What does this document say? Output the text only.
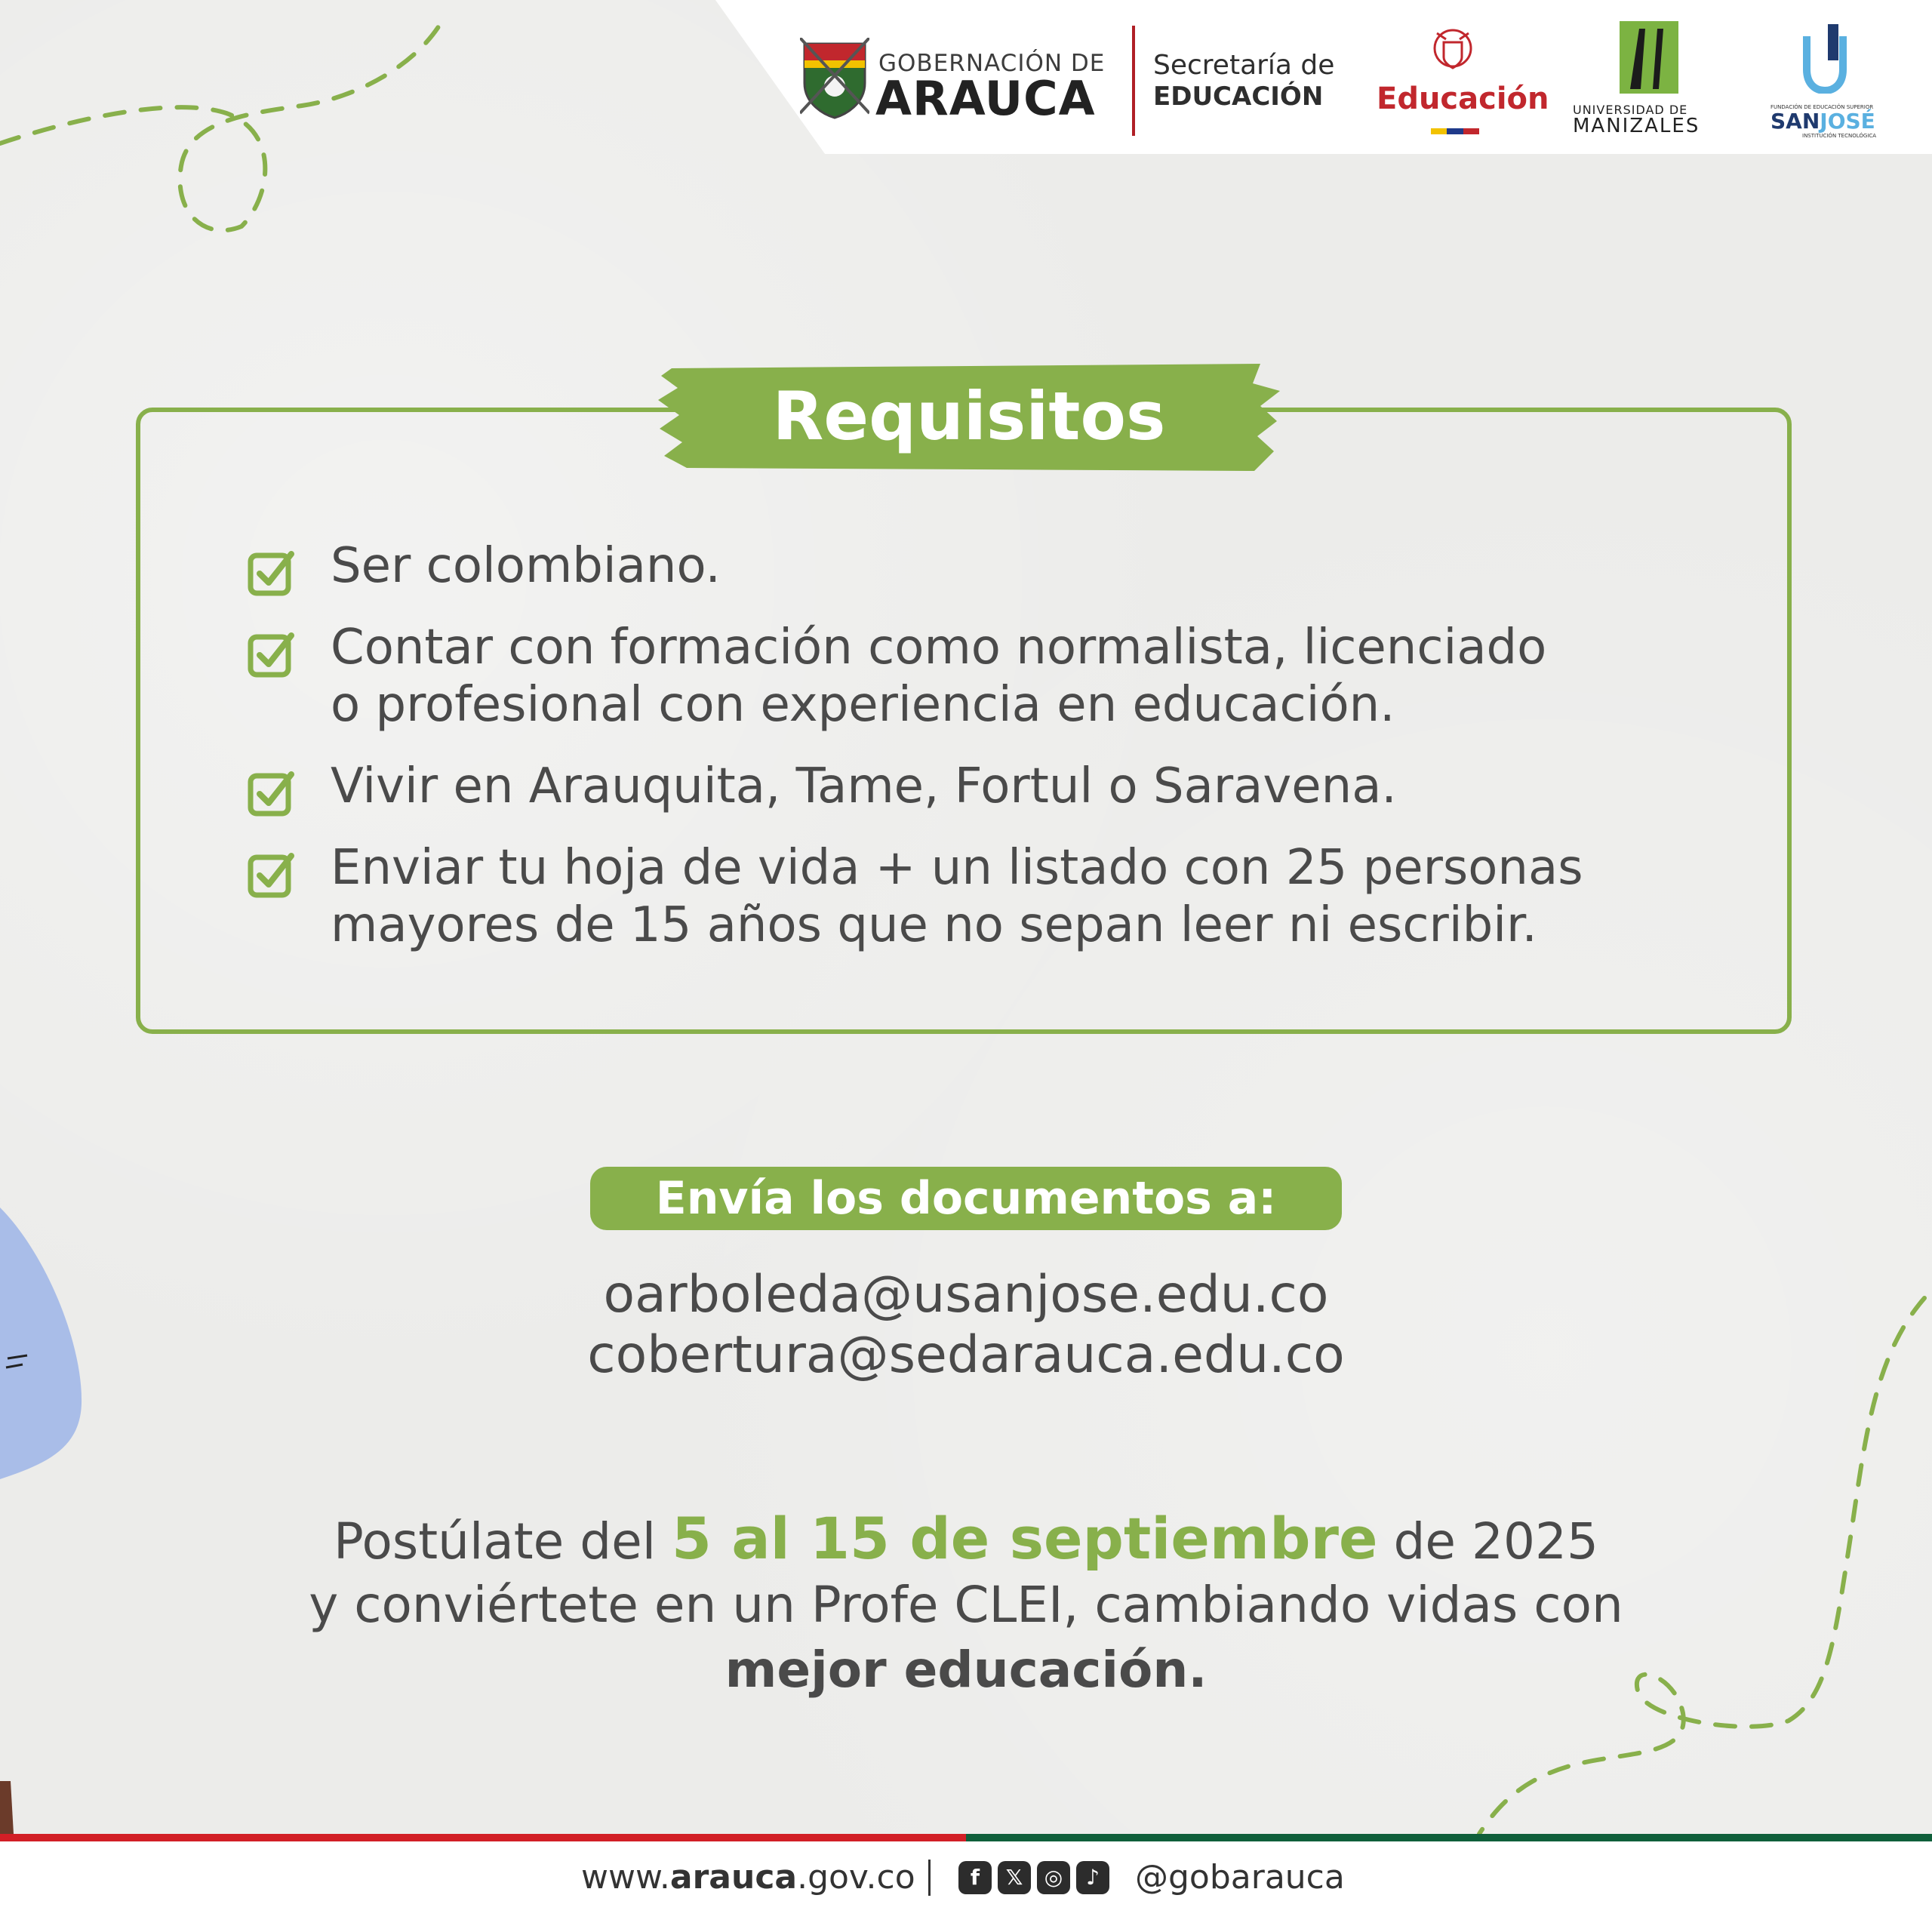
GOBERNACIÓN DE
ARAUCA
Secretaría de
EDUCACIÓN Educación UNIVERSIDAD DE
MANIZALES
FUNDACIÓN DE EDUCACIÓN SUPERIOR
SANJOSÉ
INSTITUCIÓN TECNOLÓGICA
Requisitos
Ser colombiano.
Contar con formación como normalista, licenciado
o profesional con experiencia en educación.
Vivir en Arauquita, Tame, Fortul o Saravena.
Enviar tu hoja de vida + un listado con 25 personas
mayores de 15 años que no sepan leer ni escribir.
Envía los documentos a:
oarboleda@usanjose.edu.co
cobertura@sedarauca.edu.co
Postúlate del 5 al 15 de septiembre de 2025
y conviértete en un Profe CLEI, cambiando vidas con
mejor educación.
www.arauca.gov.co	f	𝕏	◎	♪ @gobarauca
